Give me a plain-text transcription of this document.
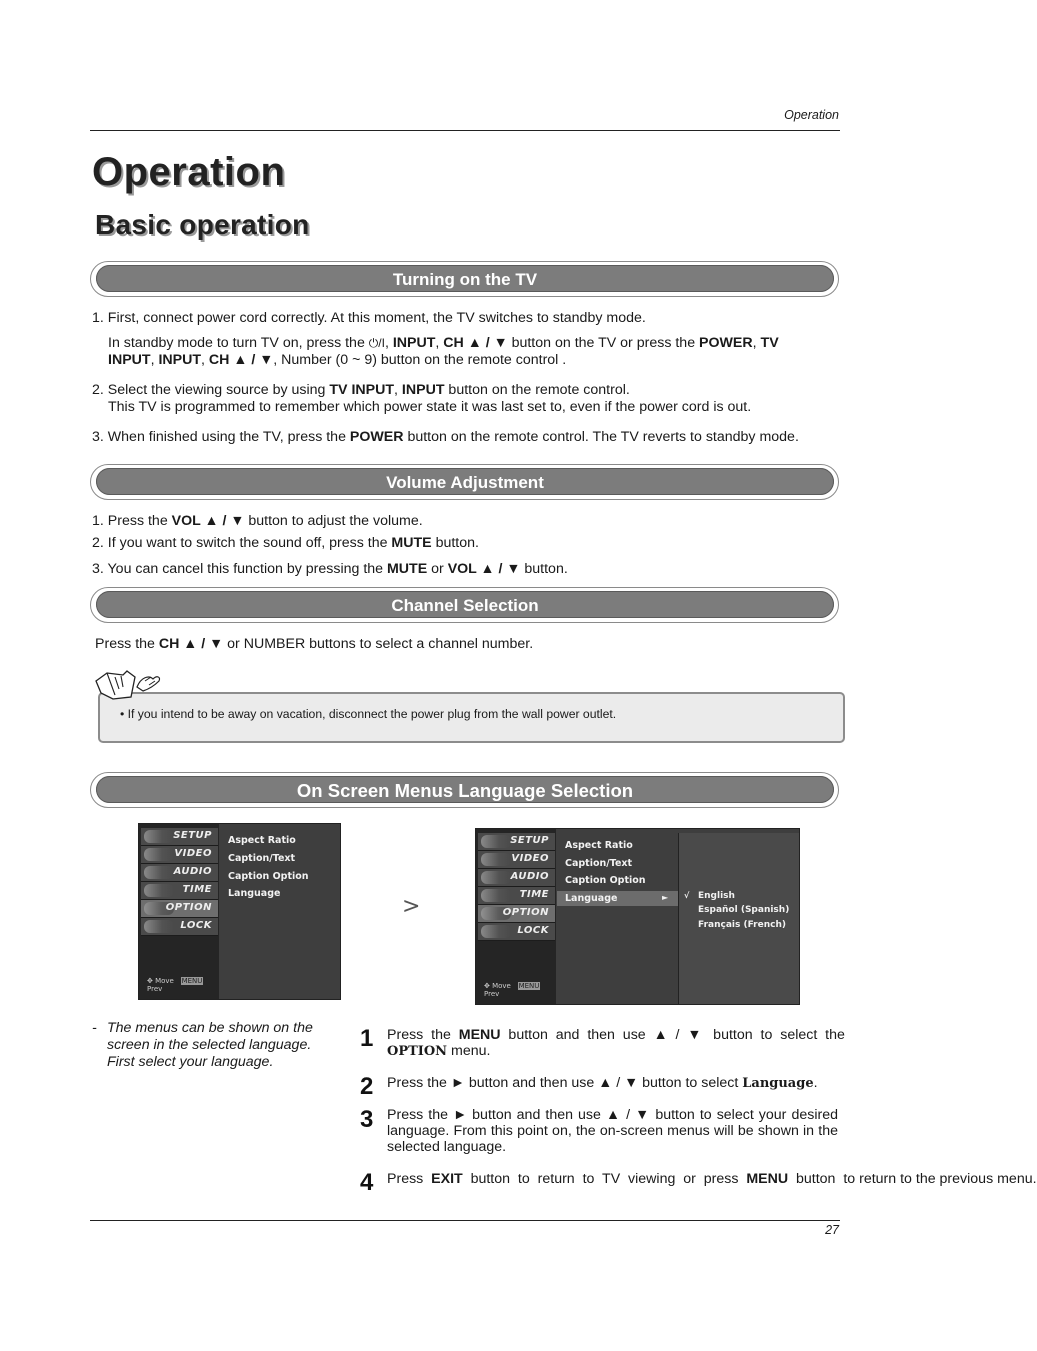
Operation
Operation
Basic operation
Turning on the TV
1. First, connect power cord correctly. At this moment, the TV switches to standby mode.
In standby mode to turn TV on, press the ⏻/I, INPUT, CH ▲ / ▼ button on the TV or press the POWER, TV
INPUT, INPUT, CH ▲ / ▼, Number (0 ~ 9) button on the remote control .
2. Select the viewing source by using TV INPUT, INPUT button on the remote control.
This TV is programmed to remember which power state it was last set to, even if the power cord is out.
3. When finished using the TV, press the POWER button on the remote control. The TV reverts to standby mode.
Volume Adjustment
1. Press the VOL ▲ / ▼ button to adjust the volume.
2. If you want to switch the sound off, press the MUTE button.
3. You can cancel this function by pressing the MUTE or VOL ▲ / ▼ button.
Channel Selection
Press the CH ▲ / ▼ or NUMBER buttons to select a channel number.
• If you intend to be away on vacation, disconnect the power plug from the wall power outlet.
On Screen Menus Language Selection
SETUP
VIDEO
AUDIO
TIME
OPTION
LOCK
✥ Move MENU Prev
Aspect Ratio
Caption/Text
Caption Option
Language
>
SETUP
VIDEO
AUDIO
TIME
OPTION
LOCK
✥ Move MENU Prev
Aspect Ratio
Caption/Text
Caption Option
Language	► √ English
Español (Spanish)
Français (French)
- The menus can be shown on the
screen in the selected language.
First select your language.
1 Press  the  MENU  button  and  then  use  ▲  /  ▼   button  to  select  the
OPTION menu.
2 Press the ► button and then use ▲ / ▼ button to select Language.
3 Press the ► button and then use ▲ / ▼ button to select your desired language. From this point on, the on-screen menus will be shown in the selected language.
4 Press  EXIT  button  to  return  to  TV  viewing  or  press  MENU  button  to return to the previous menu.
27
